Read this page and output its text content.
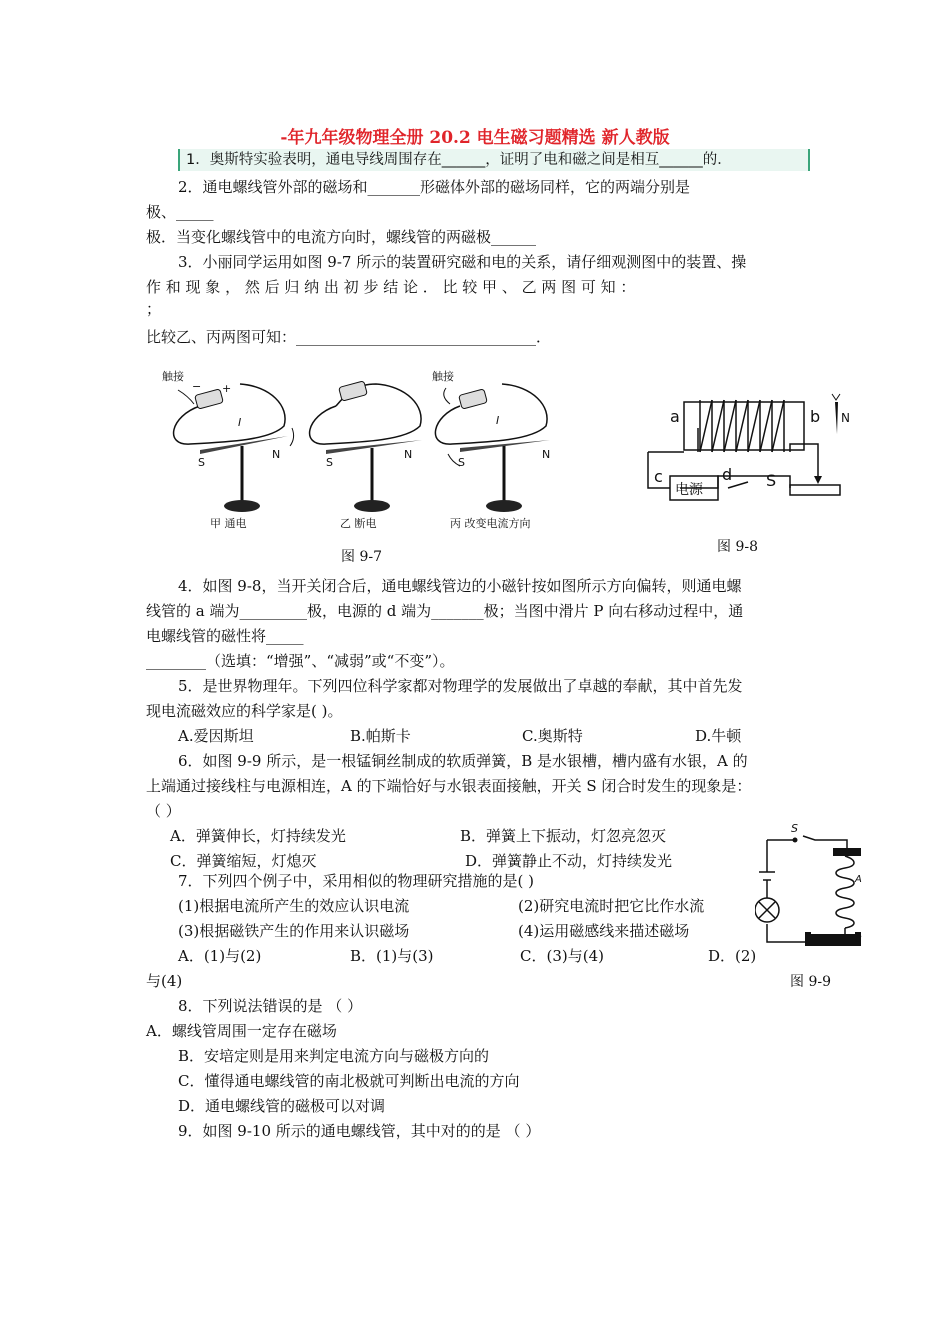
-年九年级物理全册 20.2 电生磁习题精选 新人教版
1．奥斯特实验表明，通电导线周围存在______，证明了电和磁之间是相互______的．
2．通电螺线管外部的磁场和_______形磁体外部的磁场同样，它的两端分别是
极、_____
极．当变化螺线管中的电流方向时，螺线管的两磁极______
3．小丽同学运用如图 9-7 所示的装置研究磁和电的关系，请仔细观测图中的装置、操
作 和 现 象 ， 然 后 归 纳 出 初 步 结 论 ． 比 较 甲 、 乙 两 图 可 知 ：
；
比较乙、丙两图可知：________________________________．
触接
− +
I
S
N
甲 通电
S
N
乙 断电
触接
I
S
N
丙 改变电流方向
图 9-7
a	b
c	d S
电源
N
图 9-8
4．如图 9-8，当开关闭合后，通电螺线管边的小磁针按如图所示方向偏转，则通电螺
线管的 a 端为_________极，电源的 d 端为_______极；当图中滑片 P 向右移动过程中，通
电螺线管的磁性将_____
________（选填：“增强”、“减弱”或“不变”）。
5．是世界物理年。下列四位科学家都对物理学的发展做出了卓越的奉献，其中首先发
现电流磁效应的科学家是( )。
A.爱因斯坦	B.帕斯卡	C.奥斯特	D.牛顿
6．如图 9-9 所示，是一根锰铜丝制成的软质弹簧，B 是水银槽，槽内盛有水银，A 的
上端通过接线柱与电源相连，A 的下端恰好与水银表面接触，开关 S 闭合时发生的现象是：
（ ）
A．弹簧伸长，灯持续发光	B．弹簧上下振动，灯忽亮忽灭
C．弹簧缩短，灯熄灭	D．弹簧静止不动，灯持续发光
S
A
B
7．下列四个例子中，采用相似的物理研究措施的是( )
(1)根据电流所产生的效应认识电流	(2)研究电流时把它比作水流
(3)根据磁铁产生的作用来认识磁场	(4)运用磁感线来描述磁场
A．(1)与(2)	B．(1)与(3)	C．(3)与(4)	D．(2)
与(4)	图 9-9
8．下列说法错误的是 （ ）
A．螺线管周围一定存在磁场
B．安培定则是用来判定电流方向与磁极方向的
C．懂得通电螺线管的南北极就可判断出电流的方向
D．通电螺线管的磁极可以对调
9．如图 9-10 所示的通电螺线管，其中对的的是 （ ）
